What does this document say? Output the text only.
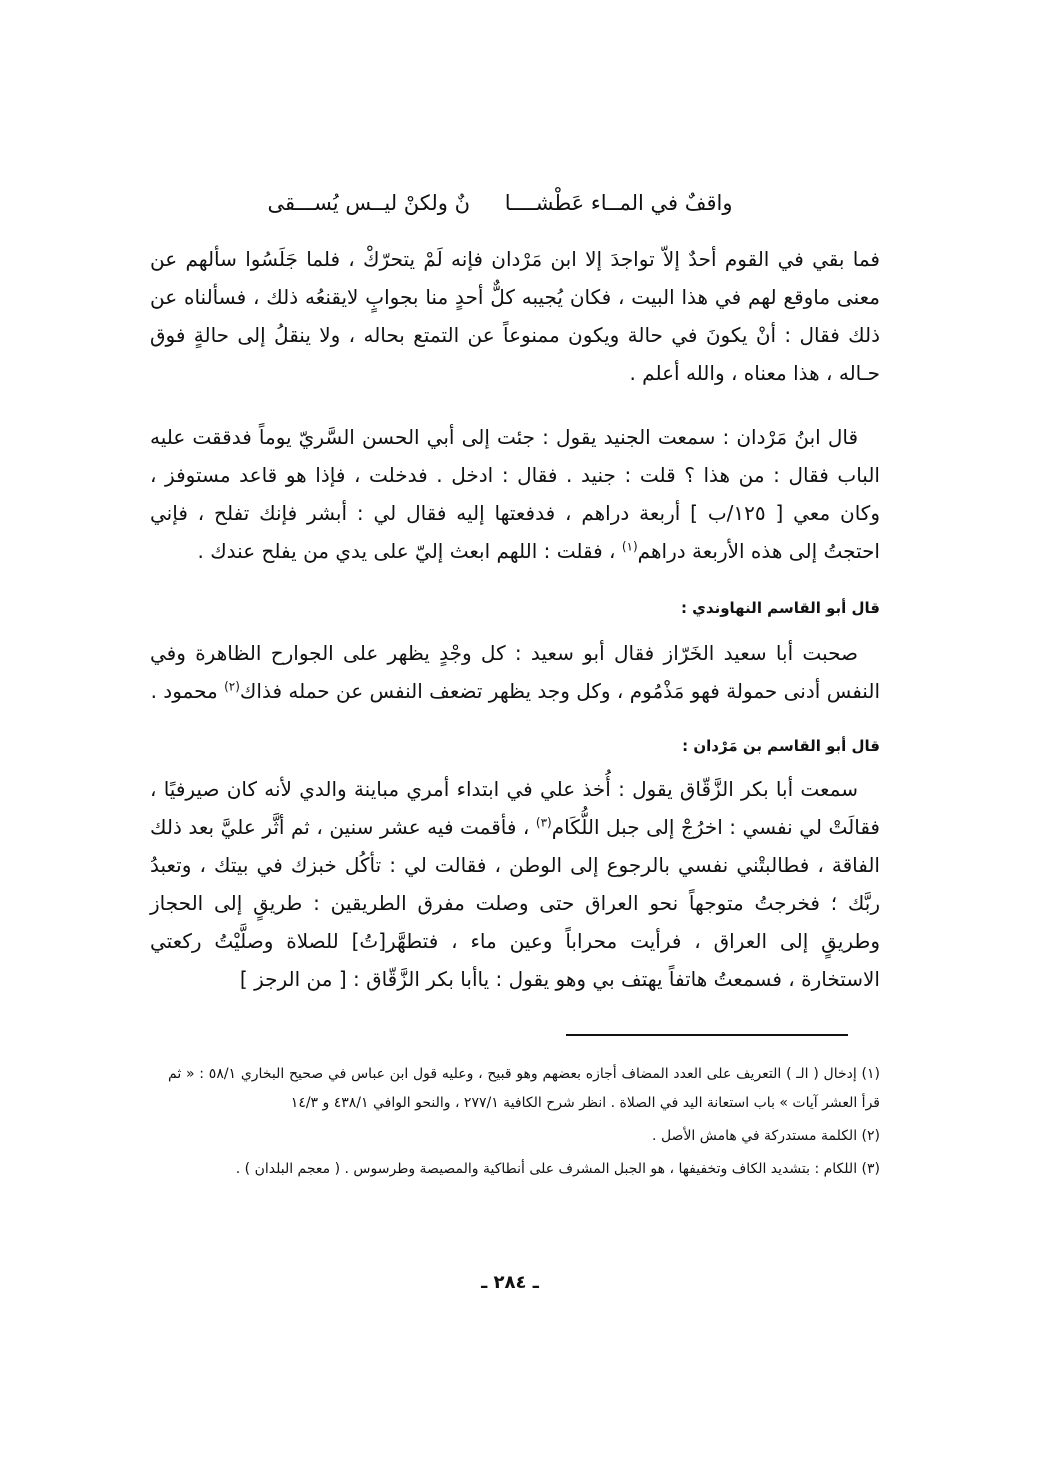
واقفٌ في المــاء عَطْشــــا نٌ ولكنْ ليــس يُســـقى
فما بقي في القوم أحدٌ إلاّ تواجدَ إلا ابن مَرْدان فإنه لَمْ يتحرّكْ ، فلما جَلَسُوا سألهم عن معنى ماوقع لهم في هذا البيت ، فكان يُجيبه كلٌّ أحدٍ منا بجوابٍ لايقنعُه ذلك ، فسألناه عن ذلك فقال : أنْ يكونَ في حالة ويكون ممنوعاً عن التمتع بحاله ، ولا ينقلُ إلى حالةٍ فوق حـاله ، هذا معناه ، والله أعلم .
قال ابنُ مَرْدان : سمعت الجنيد يقول : جئت إلى أبي الحسن السَّريّ يوماً فدققت عليه الباب فقال : من هذا ؟ قلت : جنيد . فقال : ادخل . فدخلت ، فإذا هو قاعد مستوفز ، وكان معي [ ١٢٥/ب ] أربعة دراهم ، فدفعتها إليه فقال لي : أبشر فإنك تفلح ، فإني احتجتُ إلى هذه الأربعة دراهم$^{(١)}$ ، فقلت : اللهم ابعث إليّ على يدي من يفلح عندك .
قال أبو القاسم النهاوندي :
صحبت أبا سعيد الخَرّاز فقال أبو سعيد : كل وجْدٍ يظهر على الجوارح الظاهرة وفي النفس أدنى حمولة فهو مَذْمُوم ، وكل وجد يظهر تضعف النفس عن حمله فذاك$^{(٢)}$ محمود .
قال أبو القاسم بن مَرْدان :
سمعت أبا بكر الزَّقّاق يقول : أُخذ علي في ابتداء أمري مباينة والدي لأنه كان صيرفيًا ، فقالَتْ لي نفسي : اخرُجْ إلى جبل اللُّكَام$^{(٣)}$ ، فأقمت فيه عشر سنين ، ثم أثَّر عليَّ بعد ذلك الفاقة ، فطالبتْني نفسي بالرجوع إلى الوطن ، فقالت لي : تأكُل خبزك في بيتك ، وتعبدُ ربَّك ؛ فخرجتُ متوجهاً نحو العراق حتى وصلت مفرق الطريقين : طريقٍ إلى الحجاز وطريقٍ إلى العراق ، فرأيت محراباً وعين ماء ، فتطهَّر[تُ] للصلاة وصلَّيْتُ ركعتي الاستخارة ، فسمعتُ هاتفاً يهتف بي وهو يقول : ياأبا بكر الزَّقّاق : [ من الرجز ]
(١) إدخال ( الـ ) التعريف على العدد المضاف أجازه بعضهم وهو قبيح ، وعليه قول ابن عباس في صحيح البخاري ٥٨/١ : « ثم قرأ العشر آيات » باب استعانة اليد في الصلاة . انظر شرح الكافية ٢٧٧/١ ، والنحو الوافي ٤٣٨/١ و ١٤/٣
(٢) الكلمة مستدركة في هامش الأصل .
(٣) اللكام : بتشديد الكاف وتخفيفها ، هو الجبل المشرف على أنطاكية والمصيصة وطرسوس . ( معجم البلدان ) .
ـ ٢٨٤ ـ
